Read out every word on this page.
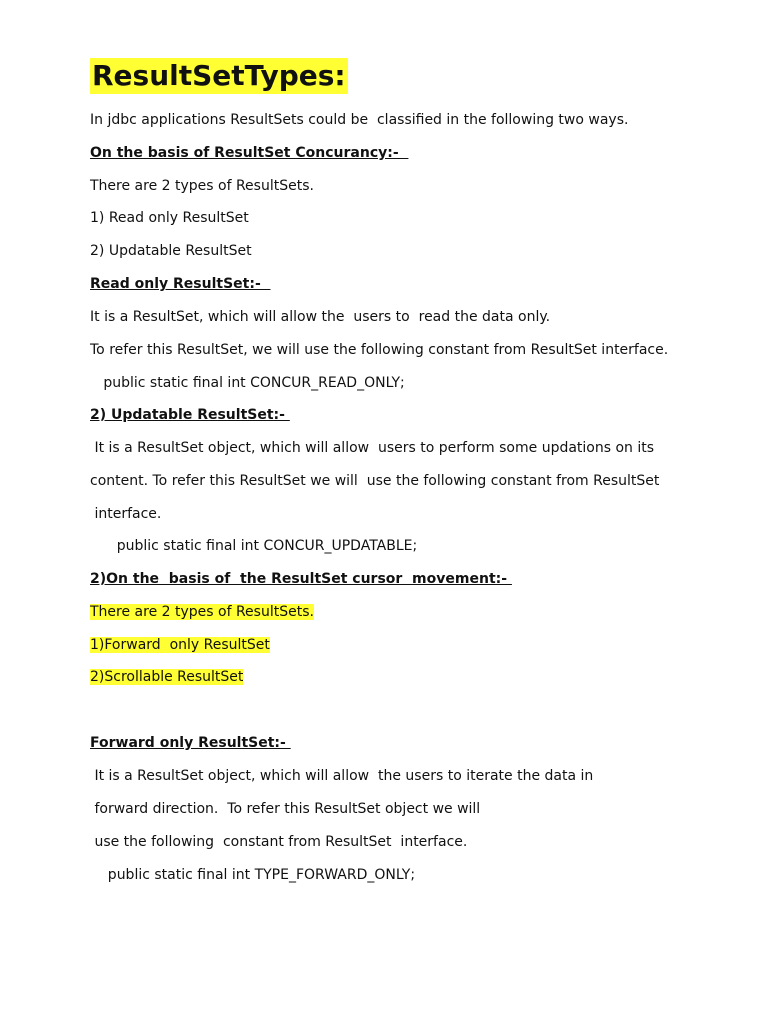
ResultSetTypes:
In jdbc applications ResultSets could be  classified in the following two ways.
On the basis of ResultSet Concurancy:-
There are 2 types of ResultSets.
1) Read only ResultSet
2) Updatable ResultSet
Read only ResultSet:-
It is a ResultSet, which will allow the  users to  read the data only.
To refer this ResultSet, we will use the following constant from ResultSet interface.
public static final int CONCUR_READ_ONLY;
2) Updatable ResultSet:-
It is a ResultSet object, which will allow  users to perform some updations on its
content. To refer this ResultSet we will  use the following constant from ResultSet
interface.
public static final int CONCUR_UPDATABLE;
2)On the  basis of  the ResultSet cursor  movement:-
There are 2 types of ResultSets.
1)Forward  only ResultSet
2)Scrollable ResultSet
Forward only ResultSet:-
It is a ResultSet object, which will allow  the users to iterate the data in
forward direction.  To refer this ResultSet object we will
use the following  constant from ResultSet  interface.
public static final int TYPE_FORWARD_ONLY;
